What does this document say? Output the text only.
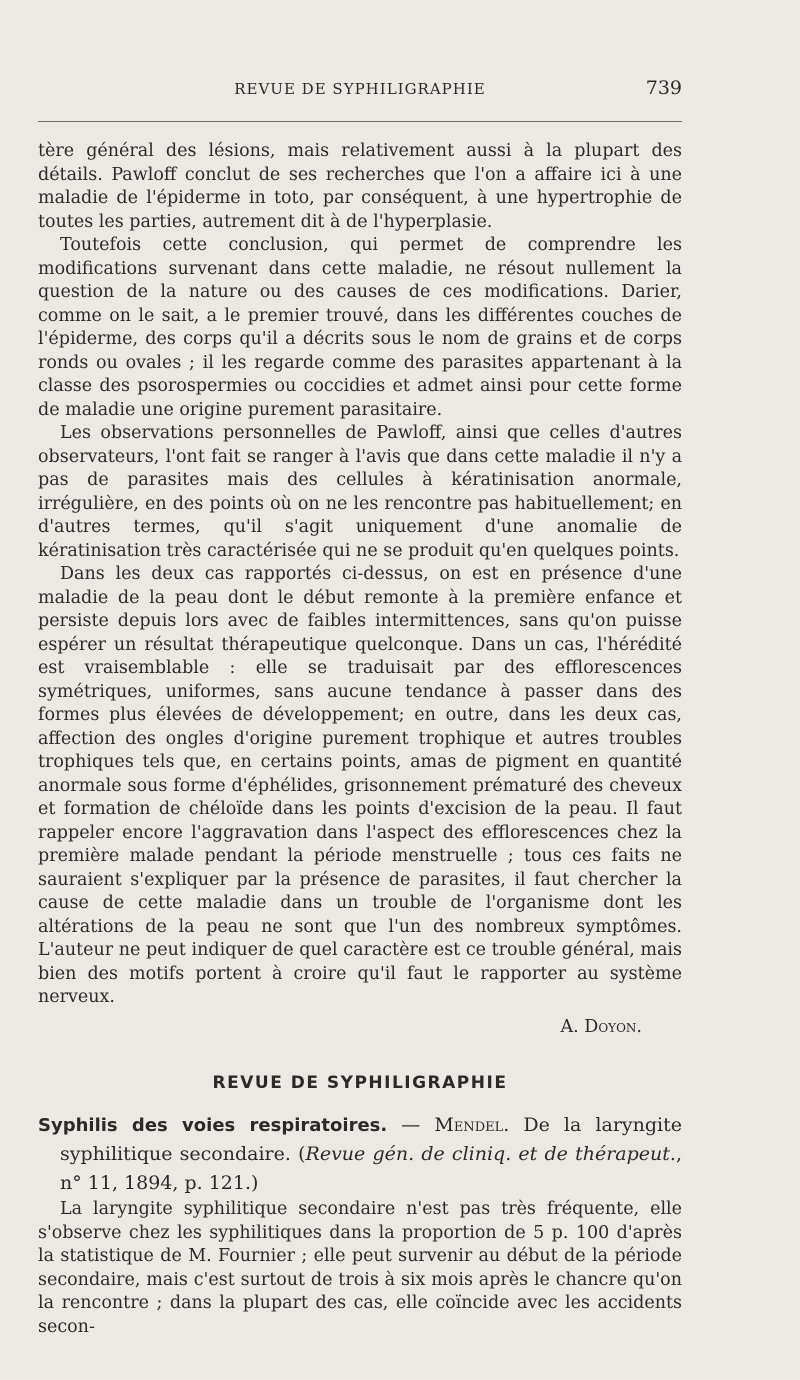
REVUE DE SYPHILIGRAPHIE	739

tère général des lésions, mais relativement aussi à la plupart des détails. Pawloff conclut de ses recherches que l'on a affaire ici à une maladie de l'épiderme in toto, par conséquent, à une hypertrophie de toutes les parties, autrement dit à de l'hyperplasie.

Toutefois cette conclusion, qui permet de comprendre les modifications survenant dans cette maladie, ne résout nullement la question de la nature ou des causes de ces modifications. Darier, comme on le sait, a le premier trouvé, dans les différentes couches de l'épiderme, des corps qu'il a décrits sous le nom de grains et de corps ronds ou ovales ; il les regarde comme des parasites appartenant à la classe des psorospermies ou coccidies et admet ainsi pour cette forme de maladie une origine purement parasitaire.

Les observations personnelles de Pawloff, ainsi que celles d'autres observateurs, l'ont fait se ranger à l'avis que dans cette maladie il n'y a pas de parasites mais des cellules à kératinisation anormale, irrégulière, en des points où on ne les rencontre pas habituellement; en d'autres termes, qu'il s'agit uniquement d'une anomalie de kératinisation très caractérisée qui ne se produit qu'en quelques points.

Dans les deux cas rapportés ci-dessus, on est en présence d'une maladie de la peau dont le début remonte à la première enfance et persiste depuis lors avec de faibles intermittences, sans qu'on puisse espérer un résultat thérapeutique quelconque. Dans un cas, l'hérédité est vraisemblable : elle se traduisait par des efflorescences symétriques, uniformes, sans aucune tendance à passer dans des formes plus élevées de développement; en outre, dans les deux cas, affection des ongles d'origine purement trophique et autres troubles trophiques tels que, en certains points, amas de pigment en quantité anormale sous forme d'éphélides, grisonnement prématuré des cheveux et formation de chéloïde dans les points d'excision de la peau. Il faut rappeler encore l'aggravation dans l'aspect des efflorescences chez la première malade pendant la période menstruelle ; tous ces faits ne sauraient s'expliquer par la présence de parasites, il faut chercher la cause de cette maladie dans un trouble de l'organisme dont les altérations de la peau ne sont que l'un des nombreux symptômes. L'auteur ne peut indiquer de quel caractère est ce trouble général, mais bien des motifs portent à croire qu'il faut le rapporter au système nerveux.

A. Doyon.
REVUE DE SYPHILIGRAPHIE
Syphilis des voies respiratoires. — Mendel. De la laryngite syphilitique secondaire. (Revue gén. de cliniq. et de thérapeut., n° 11, 1894, p. 121.)

La laryngite syphilitique secondaire n'est pas très fréquente, elle s'observe chez les syphilitiques dans la proportion de 5 p. 100 d'après la statistique de M. Fournier ; elle peut survenir au début de la période secondaire, mais c'est surtout de trois à six mois après le chancre qu'on la rencontre ; dans la plupart des cas, elle coïncide avec les accidents secon-
